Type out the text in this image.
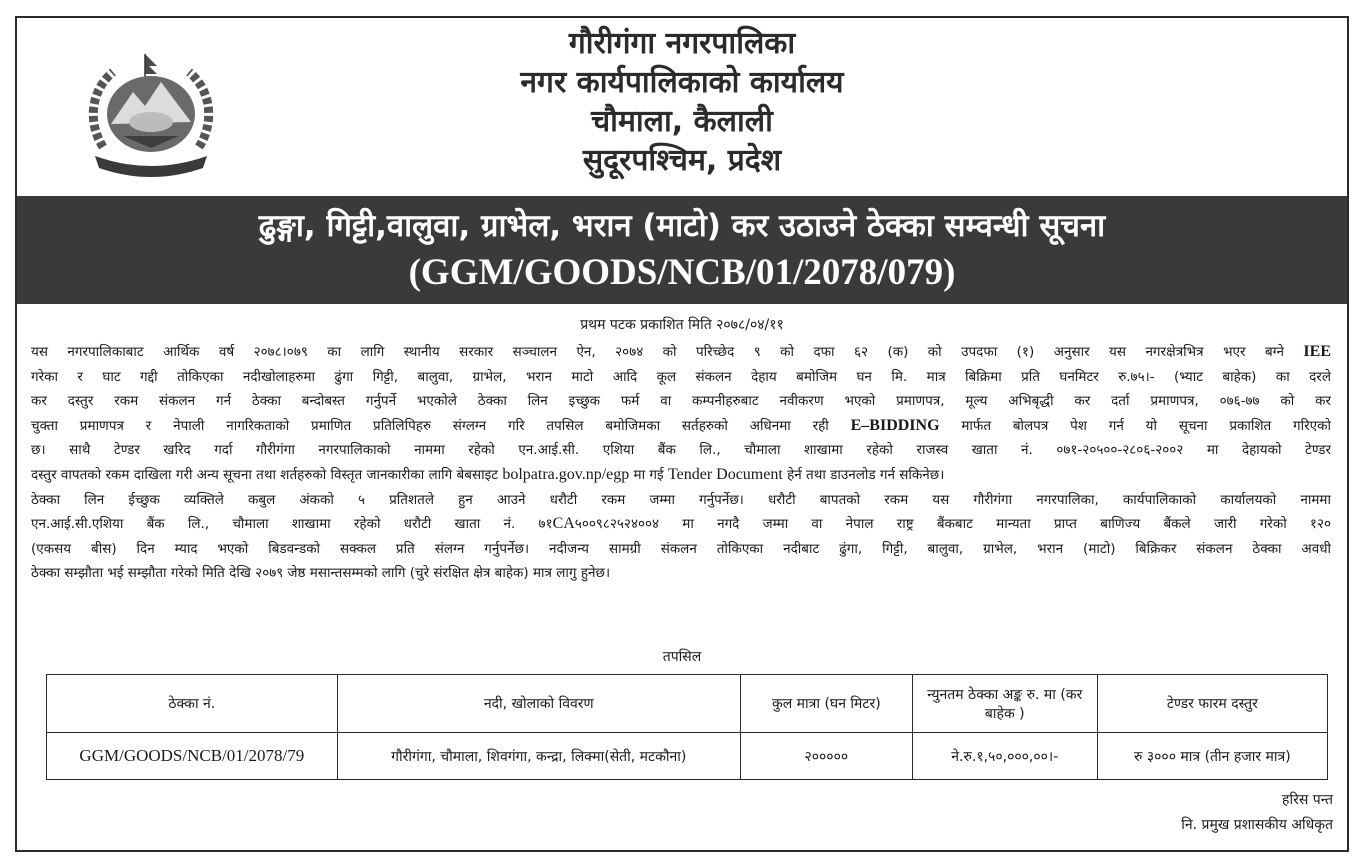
गौरीगंगा नगरपालिका
नगर कार्यपालिकाको कार्यालय
चौमाला, कैलाली
सुदूरपश्चिम, प्रदेश
ढुङ्गा, गिट्टी,वालुवा, ग्राभेल, भरान (माटो) कर उठाउने ठेक्का सम्वन्धी सूचना
(GGM/GOODS/NCB/01/2078/079)
प्रथम पटक प्रकाशित मिति २०७८/०४/११
यस नगरपालिकाबाट आर्थिक वर्ष २०७८।०७९ का लागि स्थानीय सरकार सञ्चालन ऐन, २०७४ को परिच्छेद ९ को दफा ६२ (क) को उपदफा (१) अनुसार यस नगरक्षेत्रभित्र भएर बग्ने IEE
गरेका र घाट गद्दी तोकिएका नदीखोलाहरुमा ढुंगा गिट्टी, बालुवा, ग्राभेल, भरान माटो आदि कूल संकलन देहाय बमोजिम घन मि. मात्र बिक्रिमा प्रति घनमिटर रु.७५।- (भ्याट बाहेक) का दरले
कर दस्तुर रकम संकलन गर्न ठेक्का बन्दोबस्त गर्नुपर्ने भएकोले ठेक्का लिन इच्छुक फर्म वा कम्पनीहरुबाट नवीकरण भएको प्रमाणपत्र, मूल्य अभिबृद्धी कर दर्ता प्रमाणपत्र, ०७६-७७ को कर
चुक्ता प्रमाणपत्र र नेपाली नागरिकताको प्रमाणित प्रतिलिपिहरु संग्लग्न गरि तपसिल बमोजिमका सर्तहरुको अधिनमा रही E–BIDDING मार्फत बोलपत्र पेश गर्न यो सूचना प्रकाशित गरिएको
छ। साथै टेण्डर खरिद गर्दा गौरीगंगा नगरपालिकाको नाममा रहेको एन.आई.सी. एशिया बैंक लि., चौमाला शाखामा रहेको राजस्व खाता नं. ०७१-२०५००-२८०६-२००२ मा देहायको टेण्डर
दस्तुर वापतको रकम दाखिला गरी अन्य सूचना तथा शर्तहरुको विस्तृत जानकारीका लागि बेबसाइट bolpatra.gov.np/egp मा गई Tender Document हेर्न तथा डाउनलोड गर्न सकिनेछ।
ठेक्का लिन ईच्छुक व्यक्तिले कबुल अंकको ५ प्रतिशतले हुन आउने धरौटी रकम जम्मा गर्नुपर्नेछ। धरौटी बापतको रकम यस गौरीगंगा नगरपालिका, कार्यपालिकाको कार्यालयको नाममा
एन.आई.सी.एशिया बैंक लि., चौमाला शाखामा रहेको धरौटी खाता नं. ७१CA५००९८२५२४००४ मा नगदै जम्मा वा नेपाल राष्ट्र बैंकबाट मान्यता प्राप्त बाणिज्य बैंकले जारी गरेको १२०
(एकसय बीस) दिन म्याद भएको बिडवन्डको सक्कल प्रति संलग्न गर्नुपर्नेछ। नदीजन्य सामग्री संकलन तोकिएका नदीबाट ढुंगा, गिट्टी, बालुवा, ग्राभेल, भरान (माटो) बिक्रिकर संकलन ठेक्का अवधी
ठेक्का सम्झौता भई सम्झौता गरेको मिति देखि २०७९ जेष्ठ मसान्तसम्मको लागि (चुरे संरक्षित क्षेत्र बाहेक) मात्र लागु हुनेछ।
तपसिल
ठेक्का नं.	नदी, खोलाको विवरण	कुल मात्रा (घन मिटर)	न्युनतम ठेक्का अङ्क रु. मा (कर बाहेक )	टेण्डर फारम दस्तुर
GGM/GOODS/NCB/01/2078/79	गौरीगंगा, चौमाला, शिवगंगा, कन्द्रा, लिक्मा(सेती, मटकौना)	२०००००	ने.रु.१,५०,०००,००।-	रु ३००० मात्र (तीन हजार मात्र)
हरिस पन्त
नि. प्रमुख प्रशासकीय अधिकृत
